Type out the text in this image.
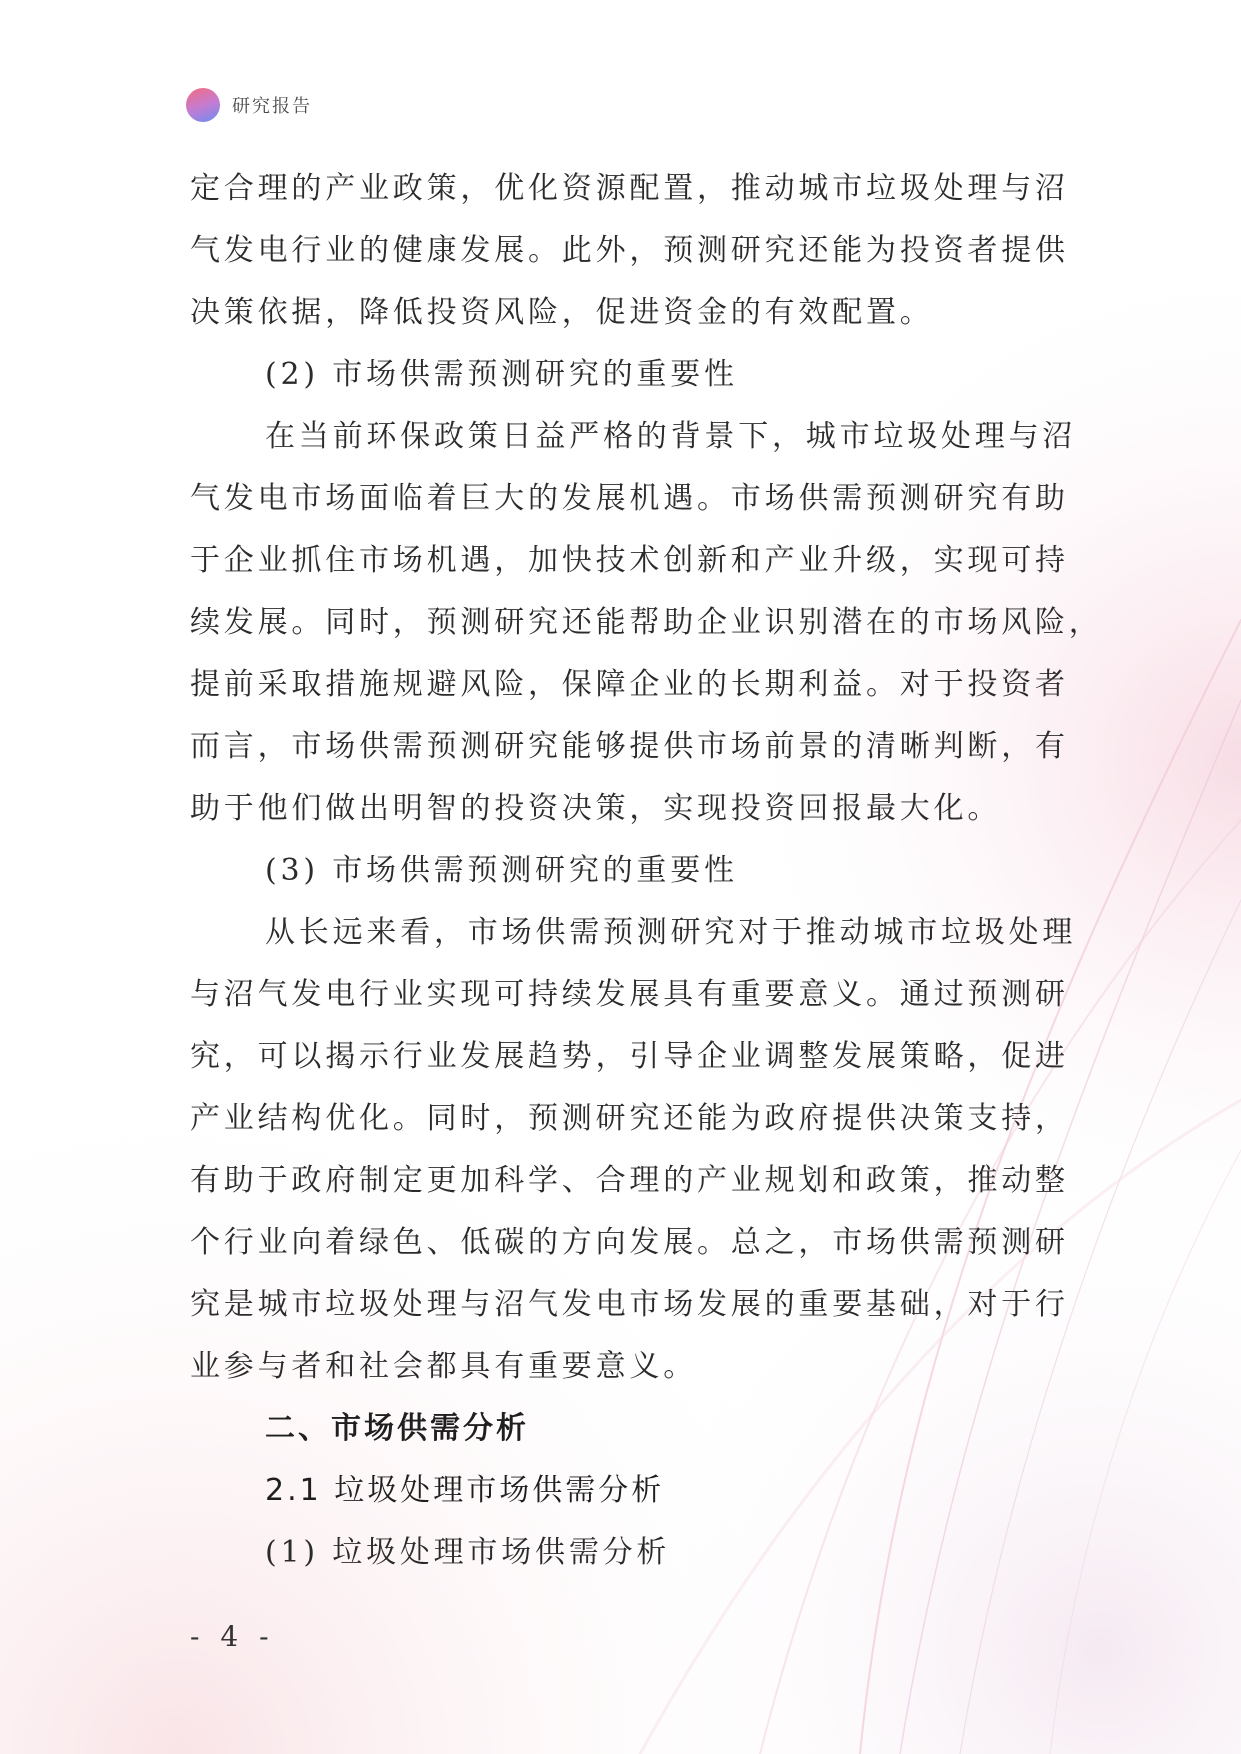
研究报告
定合理的产业政策，优化资源配置，推动城市垃圾处理与沼
气发电行业的健康发展。此外，预测研究还能为投资者提供
决策依据，降低投资风险，促进资金的有效配置。
(2) 市场供需预测研究的重要性
在当前环保政策日益严格的背景下，城市垃圾处理与沼
气发电市场面临着巨大的发展机遇。市场供需预测研究有助
于企业抓住市场机遇，加快技术创新和产业升级，实现可持
续发展。同时，预测研究还能帮助企业识别潜在的市场风险，
提前采取措施规避风险，保障企业的长期利益。对于投资者
而言，市场供需预测研究能够提供市场前景的清晰判断，有
助于他们做出明智的投资决策，实现投资回报最大化。
(3) 市场供需预测研究的重要性
从长远来看，市场供需预测研究对于推动城市垃圾处理
与沼气发电行业实现可持续发展具有重要意义。通过预测研
究，可以揭示行业发展趋势，引导企业调整发展策略，促进
产业结构优化。同时，预测研究还能为政府提供决策支持，
有助于政府制定更加科学、合理的产业规划和政策，推动整
个行业向着绿色、低碳的方向发展。总之，市场供需预测研
究是城市垃圾处理与沼气发电市场发展的重要基础，对于行
业参与者和社会都具有重要意义。
二、市场供需分析
2.1 垃圾处理市场供需分析
(1) 垃圾处理市场供需分析
- 4 -
